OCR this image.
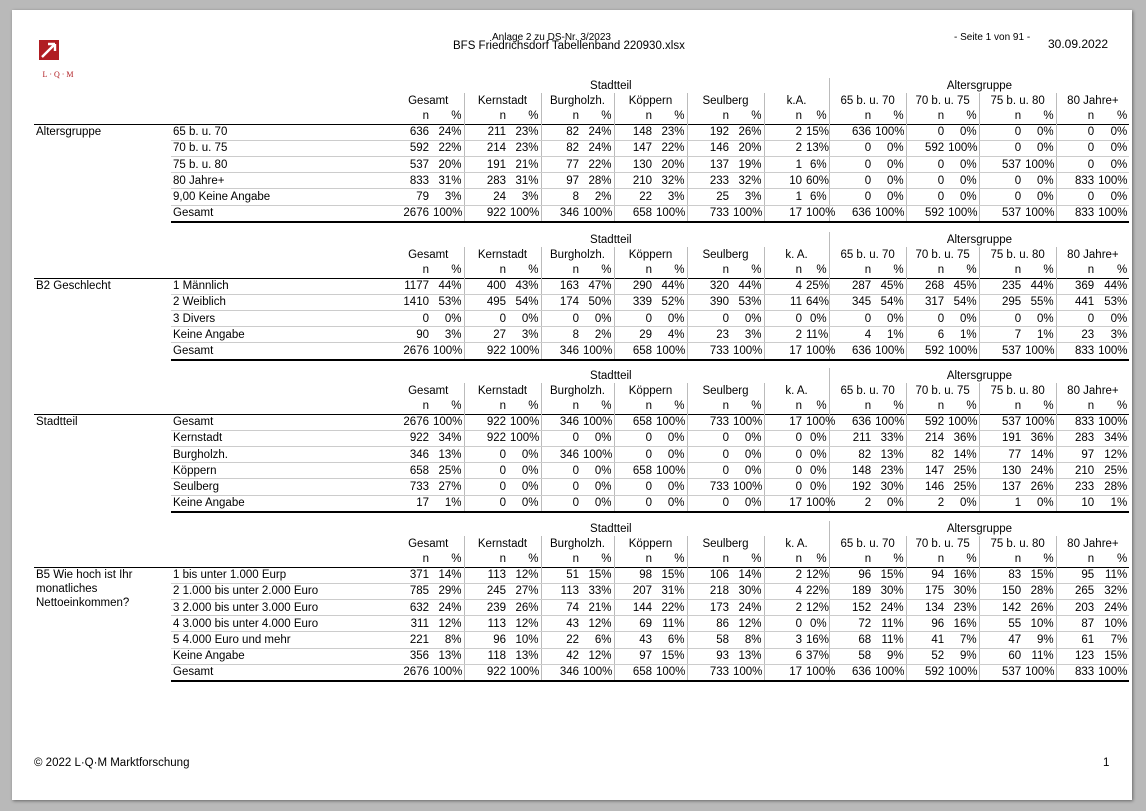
L·Q·M
Anlage 2 zu DS-Nr. 3/2023
BFS Friedrichsdorf Tabellenband 220930.xlsx
- Seite 1 von 91 - 30.09.2022
		Stadtteil												Altersgruppe							
		Gesamt		Kernstadt		Burgholzh.		Köppern		Seulberg		k.A.		65 b. u. 70		70 b. u. 75		75 b. u. 80		80 Jahre+	
		n	%	n	%	n	%	n	%	n	%	n	%	n	%	n	%	n	%	n	%
Altersgruppe	65 b. u. 70	636	24%	211	23%	82	24%	148	23%	192	26%	2	15%	636	100%	0	0%	0	0%	0	0%
	70 b. u. 75	592	22%	214	23%	82	24%	147	22%	146	20%	2	13%	0	0%	592	100%	0	0%	0	0%
	75 b. u. 80	537	20%	191	21%	77	22%	130	20%	137	19%	1	6%	0	0%	0	0%	537	100%	0	0%
	80 Jahre+	833	31%	283	31%	97	28%	210	32%	233	32%	10	60%	0	0%	0	0%	0	0%	833	100%
	9,00 Keine Angabe	79	3%	24	3%	8	2%	22	3%	25	3%	1	6%	0	0%	0	0%	0	0%	0	0%
	Gesamt	2676	100%	922	100%	346	100%	658	100%	733	100%	17	100%	636	100%	592	100%	537	100%	833	100%
		Stadtteil												Altersgruppe							
		Gesamt		Kernstadt		Burgholzh.		Köppern		Seulberg		k. A.		65 b. u. 70		70 b. u. 75		75 b. u. 80		80 Jahre+	
		n	%	n	%	n	%	n	%	n	%	n	%	n	%	n	%	n	%	n	%
B2 Geschlecht	1 Männlich	1177	44%	400	43%	163	47%	290	44%	320	44%	4	25%	287	45%	268	45%	235	44%	369	44%
	2 Weiblich	1410	53%	495	54%	174	50%	339	52%	390	53%	11	64%	345	54%	317	54%	295	55%	441	53%
	3 Divers	0	0%	0	0%	0	0%	0	0%	0	0%	0	0%	0	0%	0	0%	0	0%	0	0%
	Keine Angabe	90	3%	27	3%	8	2%	29	4%	23	3%	2	11%	4	1%	6	1%	7	1%	23	3%
	Gesamt	2676	100%	922	100%	346	100%	658	100%	733	100%	17	100%	636	100%	592	100%	537	100%	833	100%
		Stadtteil												Altersgruppe							
		Gesamt		Kernstadt		Burgholzh.		Köppern		Seulberg		k. A.		65 b. u. 70		70 b. u. 75		75 b. u. 80		80 Jahre+	
		n	%	n	%	n	%	n	%	n	%	n	%	n	%	n	%	n	%	n	%
Stadtteil	Gesamt	2676	100%	922	100%	346	100%	658	100%	733	100%	17	100%	636	100%	592	100%	537	100%	833	100%
	Kernstadt	922	34%	922	100%	0	0%	0	0%	0	0%	0	0%	211	33%	214	36%	191	36%	283	34%
	Burgholzh.	346	13%	0	0%	346	100%	0	0%	0	0%	0	0%	82	13%	82	14%	77	14%	97	12%
	Köppern	658	25%	0	0%	0	0%	658	100%	0	0%	0	0%	148	23%	147	25%	130	24%	210	25%
	Seulberg	733	27%	0	0%	0	0%	0	0%	733	100%	0	0%	192	30%	146	25%	137	26%	233	28%
	Keine Angabe	17	1%	0	0%	0	0%	0	0%	0	0%	17	100%	2	0%	2	0%	1	0%	10	1%
		Stadtteil												Altersgruppe							
		Gesamt		Kernstadt		Burgholzh.		Köppern		Seulberg		k. A.		65 b. u. 70		70 b. u. 75		75 b. u. 80		80 Jahre+	
		n	%	n	%	n	%	n	%	n	%	n	%	n	%	n	%	n	%	n	%
B5 Wie hoch ist Ihr monatliches Nettoeinkommen?	1 bis unter 1.000 Eurp	371	14%	113	12%	51	15%	98	15%	106	14%	2	12%	96	15%	94	16%	83	15%	95	11%
	2 1.000 bis unter 2.000 Euro	785	29%	245	27%	113	33%	207	31%	218	30%	4	22%	189	30%	175	30%	150	28%	265	32%
	3 2.000 bis unter 3.000 Euro	632	24%	239	26%	74	21%	144	22%	173	24%	2	12%	152	24%	134	23%	142	26%	203	24%
	4 3.000 bis unter 4.000 Euro	311	12%	113	12%	43	12%	69	11%	86	12%	0	0%	72	11%	96	16%	55	10%	87	10%
	5 4.000 Euro und mehr	221	8%	96	10%	22	6%	43	6%	58	8%	3	16%	68	11%	41	7%	47	9%	61	7%
	Keine Angabe	356	13%	118	13%	42	12%	97	15%	93	13%	6	37%	58	9%	52	9%	60	11%	123	15%
	Gesamt	2676	100%	922	100%	346	100%	658	100%	733	100%	17	100%	636	100%	592	100%	537	100%	833	100%
© 2022 L·Q·M Marktforschung	1
